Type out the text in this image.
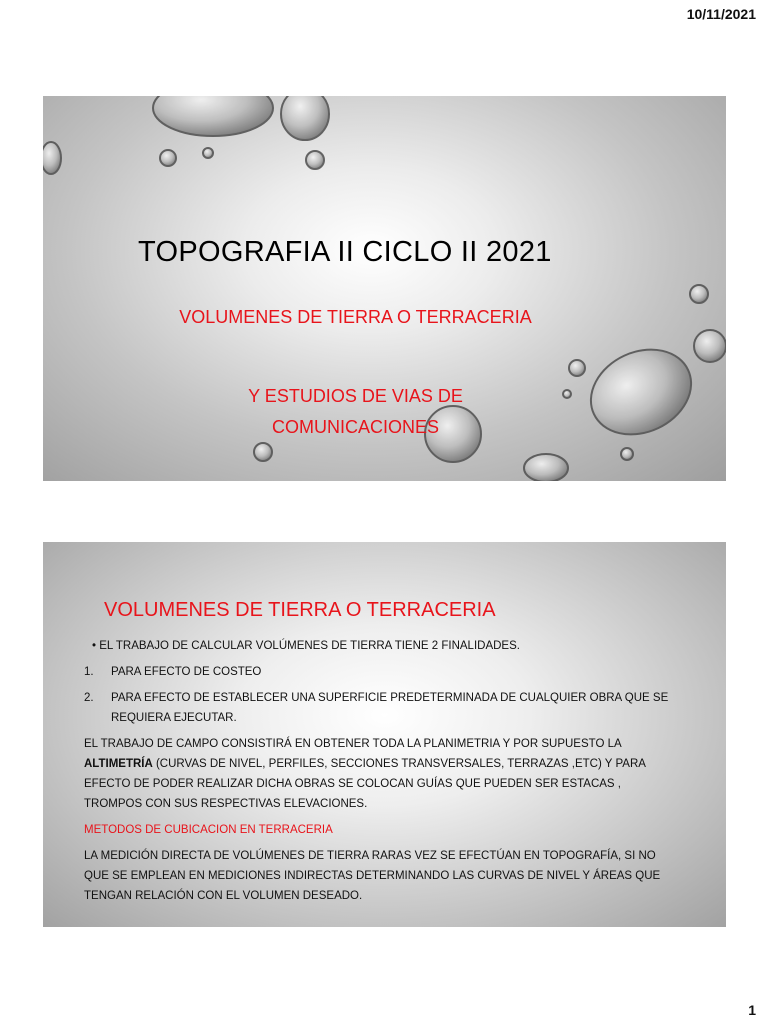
10/11/2021
TOPOGRAFIA II CICLO II 2021
VOLUMENES DE TIERRA O TERRACERIA
Y ESTUDIOS DE VIAS DE
COMUNICACIONES
VOLUMENES DE TIERRA O TERRACERIA

• EL TRABAJO DE CALCULAR VOLÚMENES DE TIERRA TIENE 2 FINALIDADES.

1.	PARA EFECTO DE COSTEO

2.	PARA EFECTO DE ESTABLECER UNA SUPERFICIE PREDETERMINADA DE CUALQUIER OBRA QUE SE REQUIERA EJECUTAR.

EL TRABAJO DE CAMPO CONSISTIRÁ EN OBTENER TODA LA PLANIMETRIA Y POR SUPUESTO LA
ALTIMETRÍA (CURVAS DE NIVEL, PERFILES, SECCIONES TRANSVERSALES, TERRAZAS ,ETC) Y PARA EFECTO DE PODER REALIZAR DICHA OBRAS SE COLOCAN GUÍAS QUE PUEDEN SER ESTACAS , TROMPOS CON SUS RESPECTIVAS ELEVACIONES.

METODOS DE CUBICACION EN TERRACERIA

LA MEDICIÓN DIRECTA DE VOLÚMENES DE TIERRA RARAS VEZ SE EFECTÚAN EN TOPOGRAFÍA, SI NO QUE SE EMPLEAN EN MEDICIONES INDIRECTAS DETERMINANDO LAS CURVAS DE NIVEL Y ÁREAS QUE TENGAN RELACIÓN CON EL VOLUMEN DESEADO.

1
